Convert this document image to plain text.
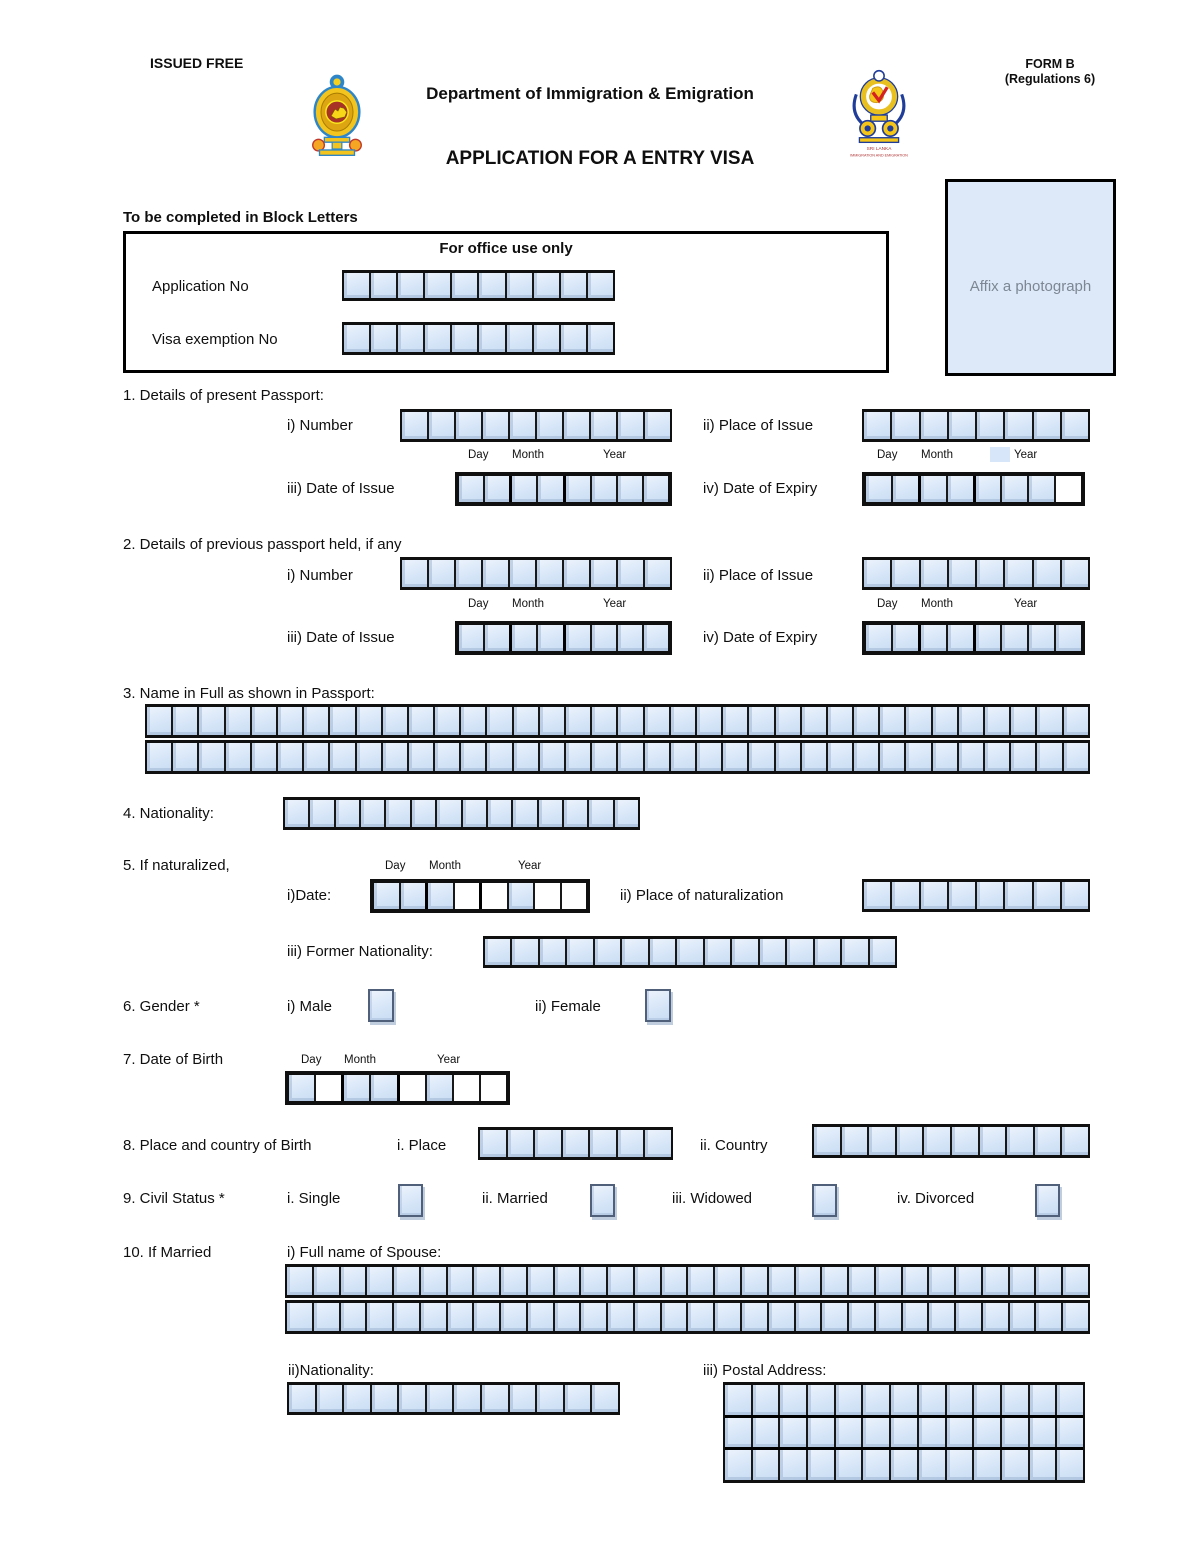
ISSUED FREE
Department of Immigration & Emigration
SRI LANKA
IMMIGRATION AND EMIGRATION
FORM B
(Regulations 6)
APPLICATION FOR A ENTRY VISA
Affix a photograph
To be completed in Block Letters
For office use only
Application No
Visa exemption No
1. Details of present Passport:
i) Number	ii) Place of Issue
iii) Date of Issue	iv) Date of Expiry
2. Details of previous passport held, if any
i) Number	ii) Place of Issue
iii) Date of Issue	iv) Date of Expiry
3. Name in Full as shown in Passport:
4. Nationality:
5. If naturalized,
i)Date:	ii) Place of naturalization
iii) Former Nationality:
6. Gender *	i) Male	ii) Female
7. Date of Birth
8. Place and country of Birth	i. Place	ii. Country
9. Civil Status *	i. Single	ii. Married	iii. Widowed	iv. Divorced
10. If Married	i) Full name of Spouse:
ii)Nationality:	iii) Postal Address:
Day Month	Year	Day Month	Year
Day Month	Year	Day Month	Year
Day Month	Year
Day Month	Year
